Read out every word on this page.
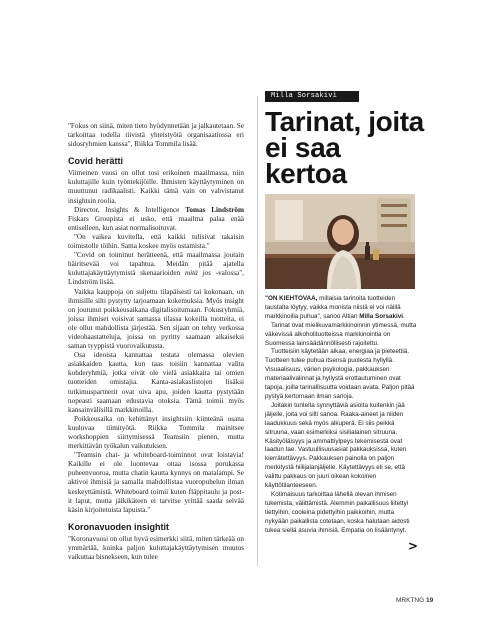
"Fokus on siinä, miten tieto hyödynnetään ja jalkautetaan. Se tarkoittaa todella tiivistä yhteistyötä organisaatiossa eri sidosryhmien kanssa", Riikka Tommila lisää.

Covid herätti

Viimeinen vuosi on ollut tosi erikoinen maailmassa, niin kuluttajille kuin työntekijöille. Ihmisten käyttäytyminen on muuttunut radikaalisti. Kaikki tämä vain on vahvistanut insightsin roolia.

Director, Insights & Intelligence Tomas Lindström Fiskars Groupista ei usko, että maailma palaa enää entiselleen, kun asiat normalisoituvat.

"On vaikea kuvitella, että kaikki tulisivat takaisin toimistolle töihin. Sama koskee myös ostamista."

"Covid on toiminut herätteenä, että maailmassa joutain häiritsevää voi tapahtua. Meidän pitää ajatella kuluttajakäyttäytymistä skenaarioiden mitä jos -valossa", Lindström lisää.

Vaikka kauppoja on suljettu tilapäisesti tai kokonaan, on ihmisille silti pystytty tarjoamaan kokemuksia. Myös insight on joutunut poikkeusaikana digitalisoitumaan. Fokusryhmiä, joissa ihmiset voisivat samassa tilassa kokeilla tuotteita, ei ole ollut mahdollista järjestää. Sen sijaan on tehty verkossa videohaastatteluja, joissa on pyritty saamaan aikaiseksi saman tyyppistä vuorovaikutusta.

Osa ideoista kannattaa testata olemassa olevien asiakkaiden kautta, kun taas toisiin kannattaa valita kohderyhmiä, jotka eivät ole vielä asiakkaita tai omien tuotteiden omistajia. Kanta-asiakaslistojen lisäksi tutkimuspartnerit ovat oiva apu, joiden kautta pystytään nopeasti saamaan edustavia otoksia. Tämä toimii myös kansainvälisillä markkinoilla.

Poikkeusaika on kehittänyt insightsiin kiinteänä osana kuuluvaa tiimityötä. Riikka Tommila mainitsee workshoppien siirtymisessä Teamsiin pienen, mutta merkittävän työkalun vaikutuksen.

"Teamsin chat- ja whiteboard-toiminnot ovat loistavia! Kaikille ei ole luontevaa ottaa isossa porukassa puheenvuoroa, mutta chatin kautta kynnys on matalampi. Se aktivoi ihmisiä ja samalla mahdollistaa vuoropuhelun ilman keskeyttämistä. Whiteboard toimii kuten fläppitaulu ja post-it laput, mutta jälkikäteen ei tarvitse yrittää saada selvää käsin kirjoitetuista lapuista."

Koronavuoden insightit

"Koronavuosi on ollut hyvä esimerkki siitä, miten tärkeää on ymmärtää, kuinka paljon kuluttajakäyttäytymisen muutos vaikuttaa bisnekseen, kun tulee

Milla Sorsakivi
Tarinat, joita ei saa kertoa

"ON KIEHTOVAA, millaisia tarinoita tuotteiden taustalta löytyy, vaikka monista niistä ei voi näillä markkinoilla puhua", sanoo Altian Milla Sorsakivi.

Tarinat ovat mielikuvamarkkinoinnin ytimessä, mutta väkevissä alkoholituotteissa markkinointia on Suomessa lainsäädännöllisesti rajoitettu.

Tuotteisiin käytetään aikaa, energiaa ja pieteettiä. Tuotteen tulee puhua itsensä puolesta hyllyllä. Visuaalisuus, värien psykologia, pakkauksen materiaalivalinnat ja hyllystä erottautuminen ovat tapoja, joilla tarinallisuutta voidaan avata. Paljon pitää pystyä kertomaan ilman sanoja.

Joitakin tunteita synnyttäviä asioita kuitenkin jää jäljelle, joita voi silti sanoa. Raaka-aineet ja niiden laadukkuus sekä myös alkuperä. Ei siis peikkä sitruuna, vaan esimerkiksi sisilialainen sitruuna. Käsityöläisyys ja ammattiylpeys tekemisestä ovat laadun tae. Vastuullisuusasiat pakkauksissa, kuten kierrätettävyys. Pakkauksen painolla on paljon merkitystä hiilijalanjäljelle. Käytettävyys eli se, että valittu pakkaus on juuri oikean kokoinen käyttötilanteeseen.

Kotimaisuus tarkoittaa lähellä olevan ihmisen tukemista, välittämistä. Alemmin paikallisuus liitettyi tiettyihin, cooleina pidettyihin paikkoihin, mutta nykyään paikallista cotetaan, koska halutaan aidosti tukea siellä asuvia ihmisiä. Empatia on lisääntynyt.

>
MRKTNG 19
